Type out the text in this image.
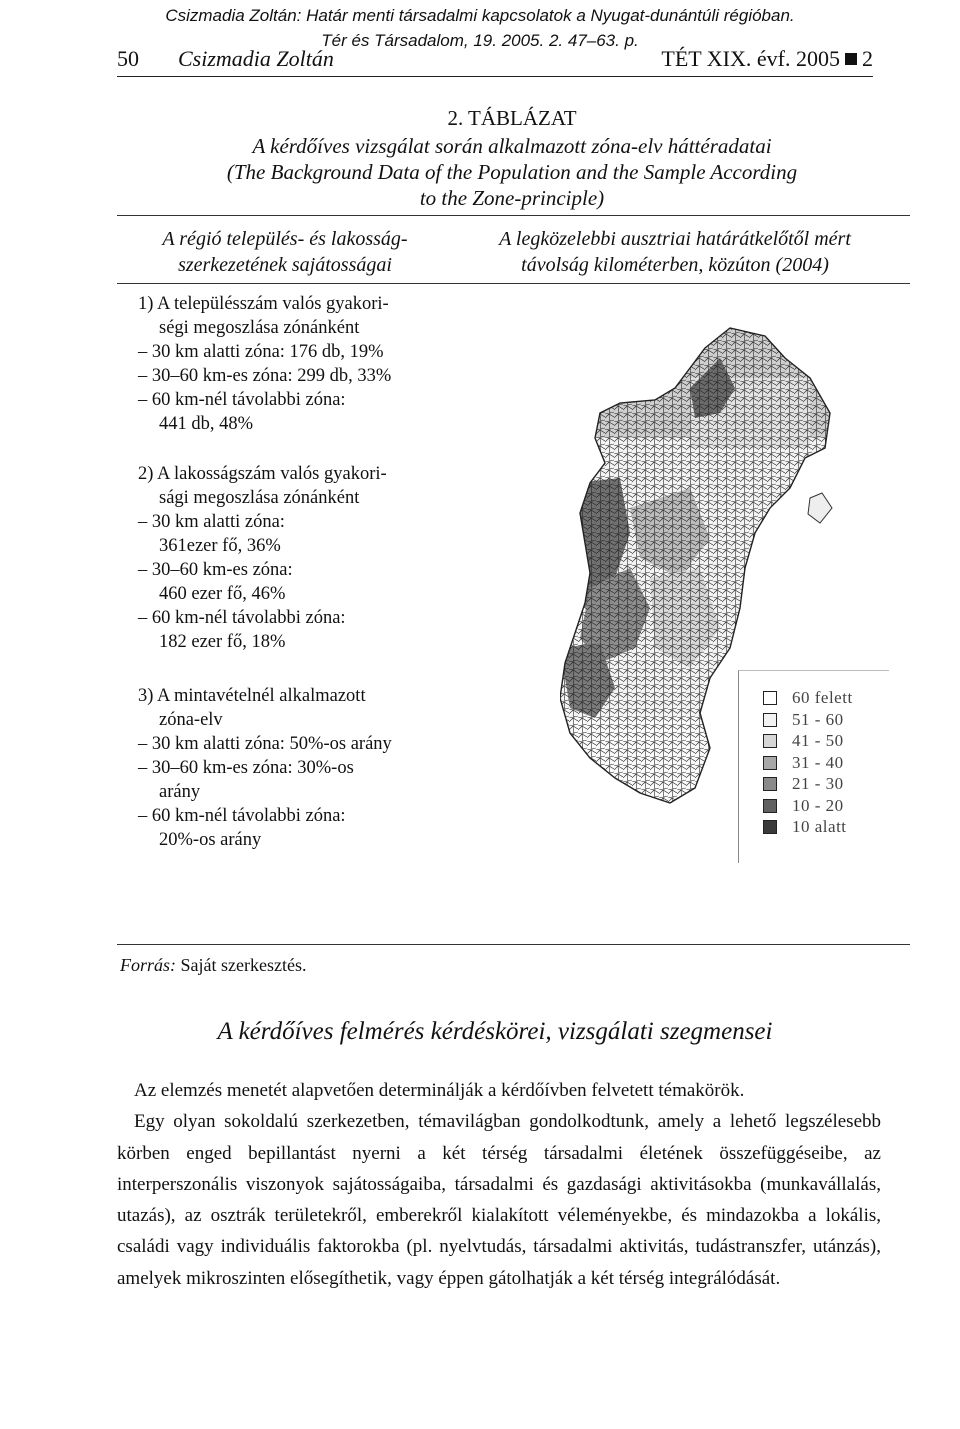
Csizmadia Zoltán: Határ menti társadalmi kapcsolatok a Nyugat-dunántúli régióban.
Tér és Társadalom, 19. 2005. 2. 47–63. p.
50 Csizmadia Zoltán	TÉT XIX. évf. 2005 2
2. TÁBLÁZAT
A kérdőíves vizsgálat során alkalmazott zóna-elv háttéradatai
(The Background Data of the Population and the Sample According
to the Zone-principle)
A régió település- és lakosság-
szerkezetének sajátosságai
A legközelebbi ausztriai határátkelőtől mért
távolság kilométerben, közúton (2004)
1) A településszám valós gyakori-
ségi megoszlása zónánként
– 30 km alatti zóna: 176 db, 19%
– 30–60 km-es zóna: 299 db, 33%
– 60 km-nél távolabbi zóna:
441 db, 48%
2) A lakosságszám valós gyakori-
sági megoszlása zónánként
– 30 km alatti zóna:
361ezer fő, 36%
– 30–60 km-es zóna:
460 ezer fő, 46%
– 60 km-nél távolabbi zóna:
182 ezer fő, 18%
3) A mintavételnél alkalmazott
zóna-elv
– 30 km alatti zóna: 50%-os arány
– 30–60 km-es zóna: 30%-os
arány
– 60 km-nél távolabbi zóna:
20%-os arány
60 felett
51 - 60
41 - 50
31 - 40
21 - 30
10 - 20
10 alatt
Forrás: Saját szerkesztés.
A kérdőíves felmérés kérdéskörei, vizsgálati szegmensei

Az elemzés menetét alapvetően determinálják a kérdőívben felvetett témakörök.

Egy olyan sokoldalú szerkezetben, témavilágban gondolkodtunk, amely a lehető legszélesebb körben enged bepillantást nyerni a két térség társadalmi életének összefüggéseibe, az interperszonális viszonyok sajátosságaiba, társadalmi és gazdasági aktivitásokba (munkavállalás, utazás), az osztrák területekről, emberekről kialakított véleményekbe, és mindazokba a lokális, családi vagy individuális faktorokba (pl. nyelvtudás, társadalmi aktivitás, tudástranszfer, utánzás), amelyek mikroszinten elősegíthetik, vagy éppen gátolhatják a két térség integrálódását.
